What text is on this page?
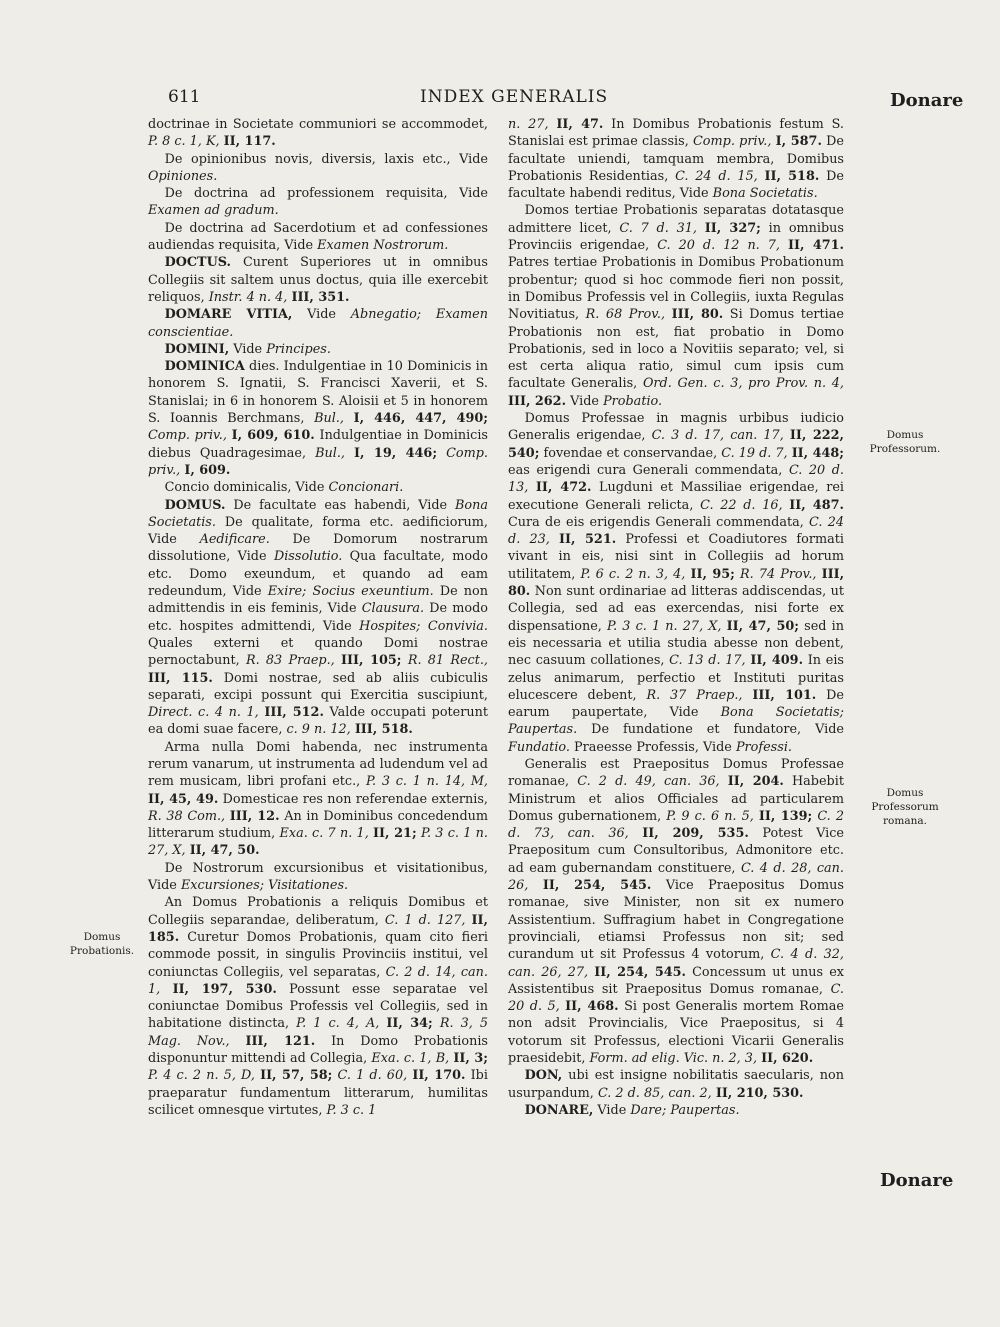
611	INDEX GENERALIS	Donare

doctrinae in Societate communiori se accommodet, P. 8 c. 1, K, II, 117.

De opinionibus novis, diversis, laxis etc., Vide Opiniones.

De doctrina ad professionem requisita, Vide Examen ad gradum.

De doctrina ad Sacerdotium et ad confessiones audiendas requisita, Vide Examen Nostrorum.

DOCTUS. Curent Superiores ut in omnibus Collegiis sit saltem unus doctus, quia ille exercebit reliquos, Instr. 4 n. 4, III, 351.

DOMARE VITIA, Vide Abnegatio; Examen conscientiae.

DOMINI, Vide Principes.

DOMINICA dies. Indulgentiae in 10 Dominicis in honorem S. Ignatii, S. Francisci Xaverii, et S. Stanislai; in 6 in honorem S. Aloisii et 5 in honorem S. Ioannis Berchmans, Bul., I, 446, 447, 490; Comp. priv., I, 609, 610. Indulgentiae in Dominicis diebus Quadragesimae, Bul., I, 19, 446; Comp. priv., I, 609.

Concio dominicalis, Vide Concionari.

DOMUS. De facultate eas habendi, Vide Bona Societatis. De qualitate, forma etc. aedificiorum, Vide Aedificare. De Domorum nostrarum dissolutione, Vide Dissolutio. Qua facultate, modo etc. Domo exeundum, et quando ad eam redeundum, Vide Exire; Socius exeuntium. De non admittendis in eis feminis, Vide Clausura. De modo etc. hospites admittendi, Vide Hospites; Convivia. Quales externi et quando Domi nostrae pernoctabunt, R. 83 Praep., III, 105; R. 81 Rect., III, 115. Domi nostrae, sed ab aliis cubiculis separati, excipi possunt qui Exercitia suscipiunt, Direct. c. 4 n. 1, III, 512. Valde occupati poterunt ea domi suae facere, c. 9 n. 12, III, 518.

Arma nulla Domi habenda, nec instrumenta rerum vanarum, ut instrumenta ad ludendum vel ad rem musicam, libri profani etc., P. 3 c. 1 n. 14, M, II, 45, 49. Domesticae res non referendae externis, R. 38 Com., III, 12. An in Dominibus concedendum litterarum studium, Exa. c. 7 n. 1, II, 21; P. 3 c. 1 n. 27, X, II, 47, 50.

De Nostrorum excursionibus et visitationibus, Vide Excursiones; Visitationes.

An Domus Probationis a reliquis Domibus et Collegiis separandae, deliberatum, C. 1 d. 127, II, 185. Curetur Domos Probationis, quam cito fieri commode possit, in singulis Provinciis institui, vel coniunctas Collegiis, vel separatas, C. 2 d. 14, can. 1, II, 197, 530. Possunt esse separatae vel coniunctae Domibus Professis vel Collegiis, sed in habitatione distincta, P. 1 c. 4, A, II, 34; R. 3, 5 Mag. Nov., III, 121. In Domo Probationis disponuntur mittendi ad Collegia, Exa. c. 1, B, II, 3; P. 4 c. 2 n. 5, D, II, 57, 58; C. 1 d. 60, II, 170. Ibi praeparatur fundamentum litterarum, humilitas scilicet omnesque virtutes, P. 3 c. 1

n. 27, II, 47. In Domibus Probationis festum S. Stanislai est primae classis, Comp. priv., I, 587. De facultate uniendi, tamquam membra, Domibus Probationis Residentias, C. 24 d. 15, II, 518. De facultate habendi reditus, Vide Bona Societatis.

Domos tertiae Probationis separatas dotatasque admittere licet, C. 7 d. 31, II, 327; in omnibus Provinciis erigendae, C. 20 d. 12 n. 7, II, 471. Patres tertiae Probationis in Domibus Probationum probentur; quod si hoc commode fieri non possit, in Domibus Professis vel in Collegiis, iuxta Regulas Novitiatus, R. 68 Prov., III, 80. Si Domus tertiae Probationis non est, fiat probatio in Domo Probationis, sed in loco a Novitiis separato; vel, si est certa aliqua ratio, simul cum ipsis cum facultate Generalis, Ord. Gen. c. 3, pro Prov. n. 4, III, 262. Vide Probatio.

Domus Professae in magnis urbibus iudicio Generalis erigendae, C. 3 d. 17, can. 17, II, 222, 540; fovendae et conservandae, C. 19 d. 7, II, 448; eas erigendi cura Generali commendata, C. 20 d. 13, II, 472. Lugduni et Massiliae erigendae, rei executione Generali relicta, C. 22 d. 16, II, 487. Cura de eis erigendis Generali commendata, C. 24 d. 23, II, 521. Professi et Coadiutores formati vivant in eis, nisi sint in Collegiis ad horum utilitatem, P. 6 c. 2 n. 3, 4, II, 95; R. 74 Prov., III, 80. Non sunt ordinariae ad litteras addiscendas, ut Collegia, sed ad eas exercendas, nisi forte ex dispensatione, P. 3 c. 1 n. 27, X, II, 47, 50; sed in eis necessaria et utilia studia abesse non debent, nec casuum collationes, C. 13 d. 17, II, 409. In eis zelus animarum, perfectio et Instituti puritas elucescere debent, R. 37 Praep., III, 101. De earum paupertate, Vide Bona Societatis; Paupertas. De fundatione et fundatore, Vide Fundatio. Praeesse Professis, Vide Professi.

Generalis est Praepositus Domus Professae romanae, C. 2 d. 49, can. 36, II, 204. Habebit Ministrum et alios Officiales ad particularem Domus gubernationem, P. 9 c. 6 n. 5, II, 139; C. 2 d. 73, can. 36, II, 209, 535. Potest Vice Praepositum cum Consultoribus, Admonitore etc. ad eam gubernandam constituere, C. 4 d. 28, can. 26, II, 254, 545. Vice Praepositus Domus romanae, sive Minister, non sit ex numero Assistentium. Suffragium habet in Congregatione provinciali, etiamsi Professus non sit; sed curandum ut sit Professus 4 votorum, C. 4 d. 32, can. 26, 27, II, 254, 545. Concessum ut unus ex Assistentibus sit Praepositus Domus romanae, C. 20 d. 5, II, 468. Si post Generalis mortem Romae non adsit Provincialis, Vice Praepositus, si 4 votorum sit Professus, electioni Vicarii Generalis praesidebit, Form. ad elig. Vic. n. 2, 3, II, 620.

DON, ubi est insigne nobilitatis saecularis, non usurpandum, C. 2 d. 85, can. 2, II, 210, 530.

DONARE, Vide Dare; Paupertas.

Domus
Probationis.
Domus
Professorum.
Domus
Professorum
romana.
Donare
